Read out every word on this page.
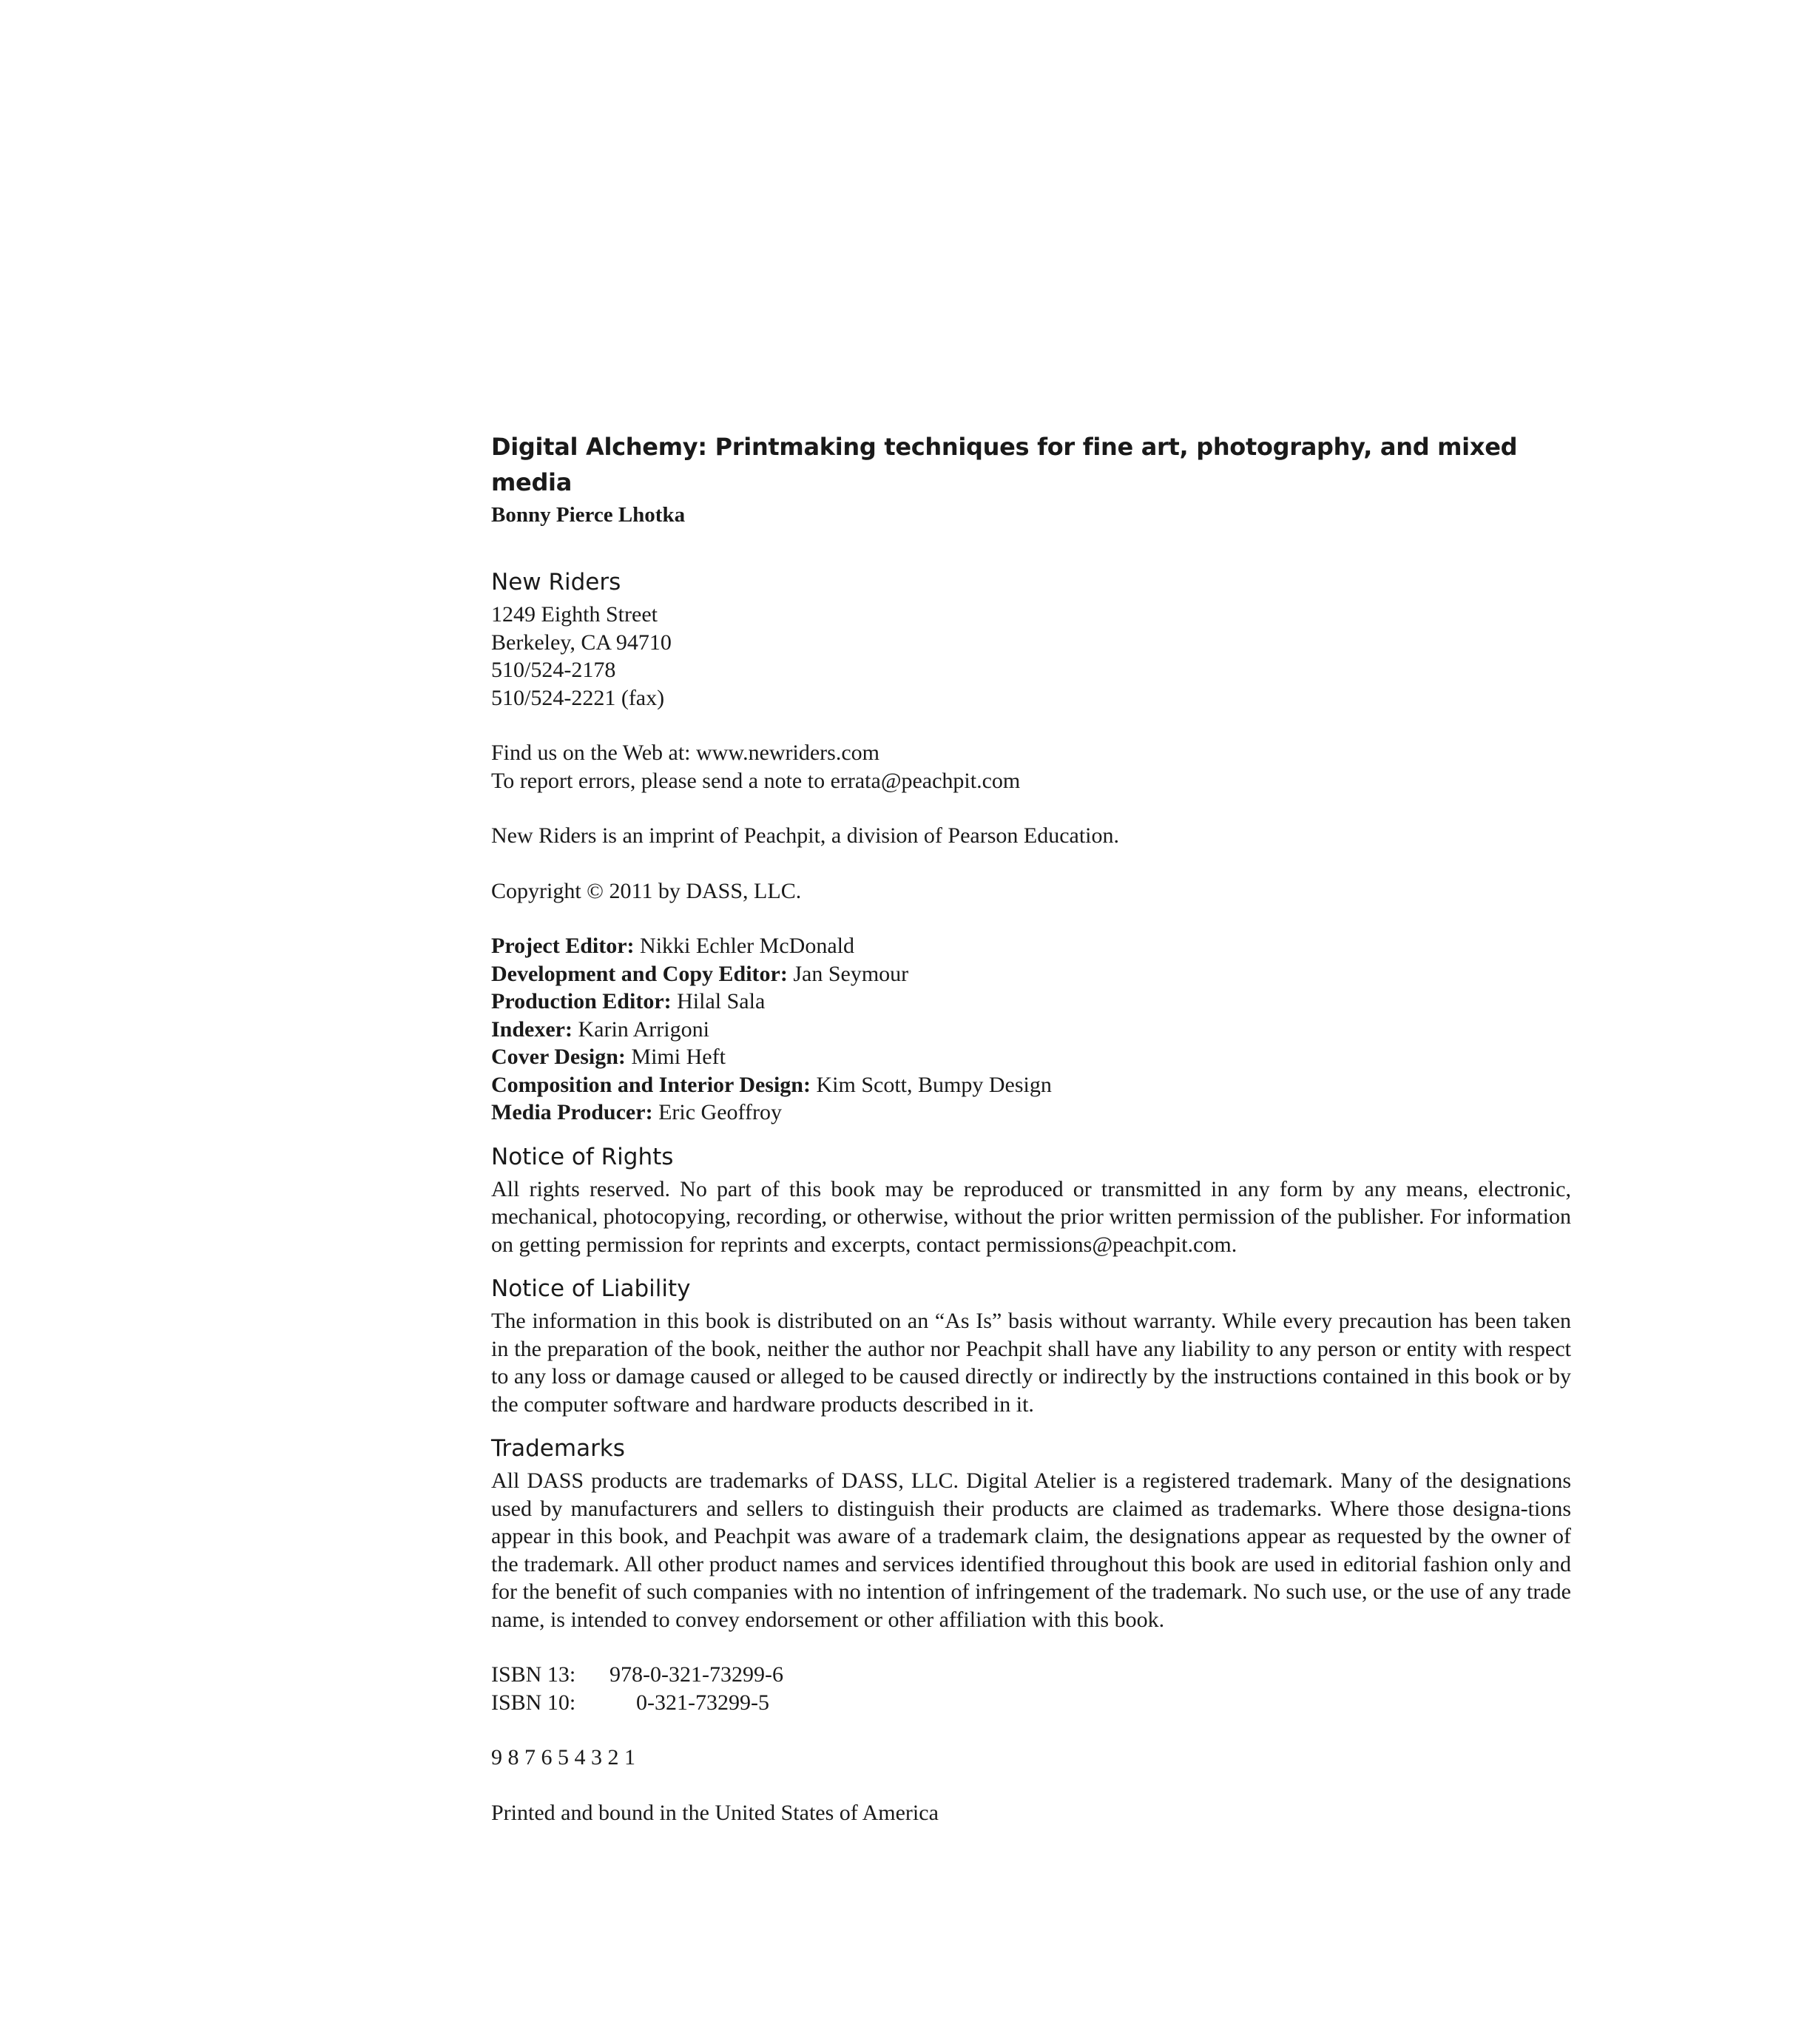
Digital Alchemy: Printmaking techniques for fine art, photography, and mixed media

Bonny Pierce Lhotka

New Riders

1249 Eighth Street

Berkeley, CA 94710

510/524-2178

510/524-2221 (fax)

Find us on the Web at: www.newriders.com

To report errors, please send a note to errata@peachpit.com

New Riders is an imprint of Peachpit, a division of Pearson Education.

Copyright © 2011 by DASS, LLC.

Project Editor: Nikki Echler McDonald

Development and Copy Editor: Jan Seymour

Production Editor: Hilal Sala

Indexer: Karin Arrigoni

Cover Design: Mimi Heft

Composition and Interior Design: Kim Scott, Bumpy Design

Media Producer: Eric Geoffroy

Notice of Rights

All rights reserved. No part of this book may be reproduced or transmitted in any form by any means, electronic, mechanical, photocopying, recording, or otherwise, without the prior written permission of the publisher. For information on getting permission for reprints and excerpts, contact permissions@peachpit.com.

Notice of Liability

The information in this book is distributed on an “As Is” basis without warranty. While every precaution has been taken in the preparation of the book, neither the author nor Peachpit shall have any liability to any person or entity with respect to any loss or damage caused or alleged to be caused directly or indirectly by the instructions contained in this book or by the computer software and hardware products described in it.

Trademarks

All DASS products are trademarks of DASS, LLC. Digital Atelier is a registered trademark. Many of the designations used by manufacturers and sellers to distinguish their products are claimed as trademarks. Where those designa-tions appear in this book, and Peachpit was aware of a trademark claim, the designations appear as requested by the owner of the trademark. All other product names and services identified throughout this book are used in editorial fashion only and for the benefit of such companies with no intention of infringement of the trademark. No such use, or the use of any trade name, is intended to convey endorsement or other affiliation with this book.

ISBN 13:	978-0-321-73299-6

ISBN 10:	0-321-73299-5

9 8 7 6 5 4 3 2 1

Printed and bound in the United States of America
